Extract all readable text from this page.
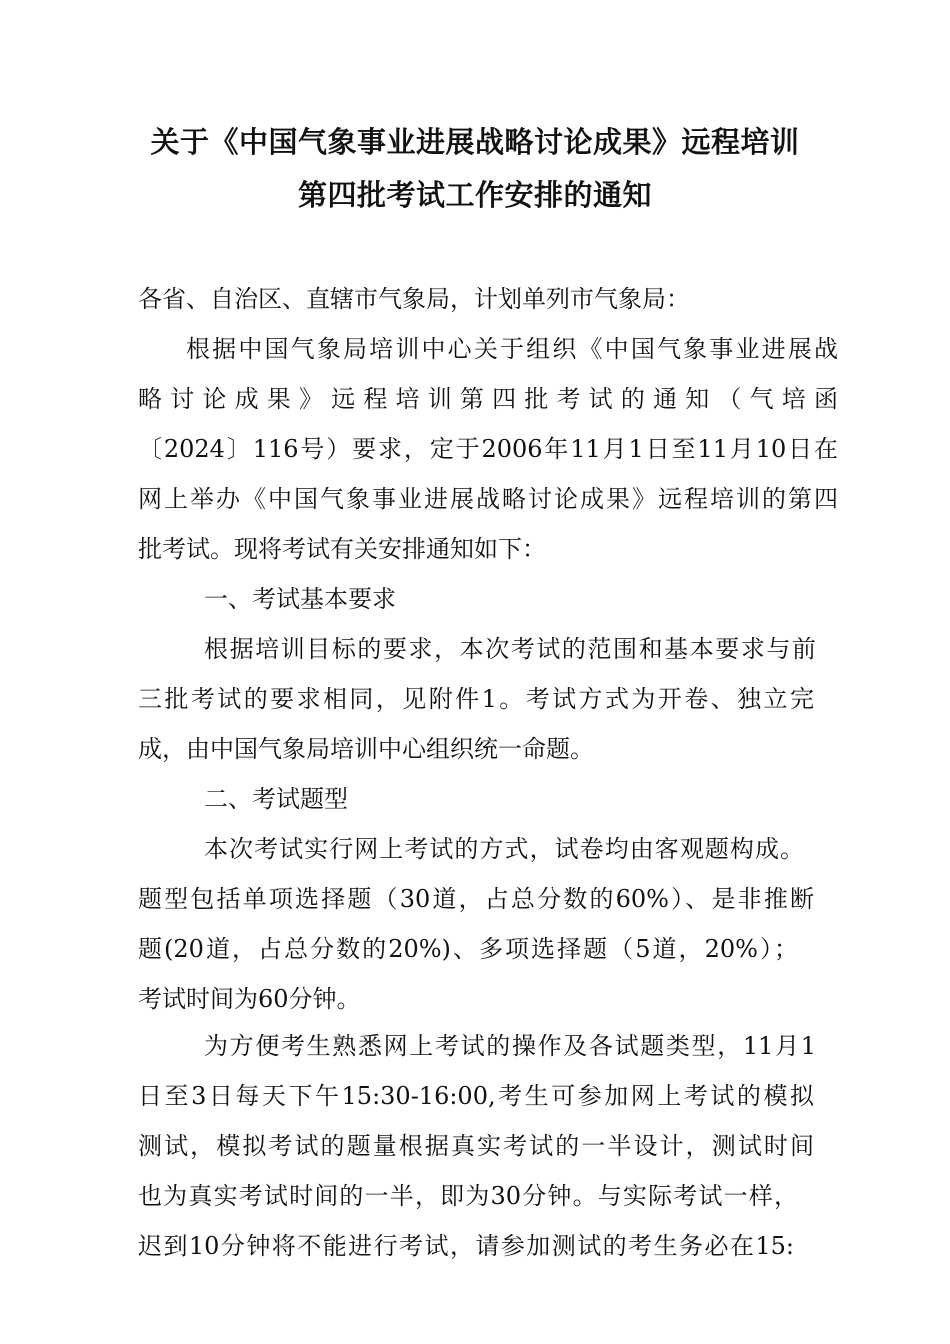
关于《中国气象事业进展战略讨论成果》远程培训
第四批考试工作安排的通知
各省、自治区、直辖市气象局，计划单列市气象局：
根据中国气象局培训中心关于组织《中国气象事业进展战
略 讨 论 成 果 》 远 程 培 训 第 四 批 考 试 的 通 知 （ 气 培 函
〔2024〕116号）要求，定于2006年11月1日至11月10日在
网上举办《中国气象事业进展战略讨论成果》远程培训的第四
批考试。现将考试有关安排通知如下：
一、考试基本要求
根据培训目标的要求，本次考试的范围和基本要求与前
三批考试的要求相同，见附件1。考试方式为开卷、独立完
成，由中国气象局培训中心组织统一命题。
二、考试题型
本次考试实行网上考试的方式，试卷均由客观题构成。
题型包括单项选择题（30道，占总分数的60%）、是非推断
题(20道，占总分数的20%)、多项选择题（5道，20%）；
考试时间为60分钟。
为方便考生熟悉网上考试的操作及各试题类型，11月1
日至3日每天下午15:30-16:00,考生可参加网上考试的模拟
测试，模拟考试的题量根据真实考试的一半设计，测试时间
也为真实考试时间的一半，即为30分钟。与实际考试一样，
迟到10分钟将不能进行考试，请参加测试的考生务必在15:
